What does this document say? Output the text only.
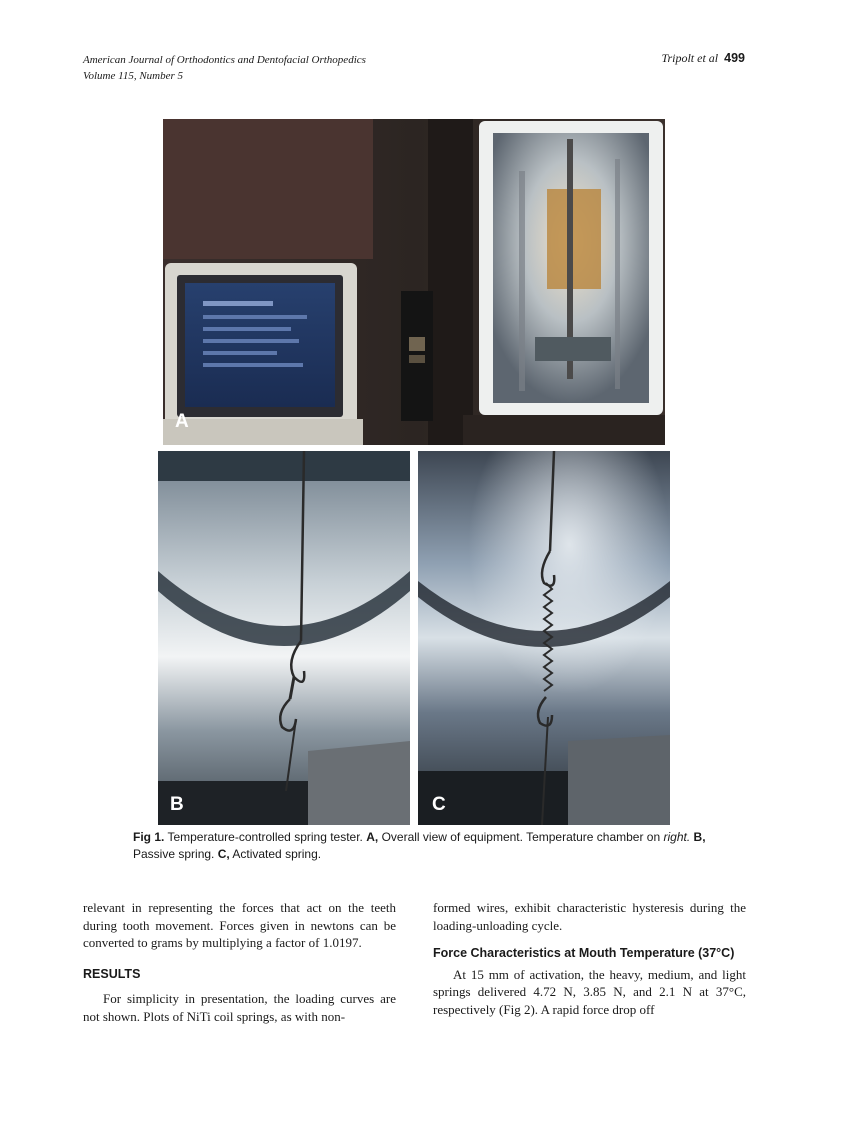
American Journal of Orthodontics and Dentofacial Orthopedics
Volume 115, Number 5
Tripolt et al 499
A
B	C
Fig 1. Temperature-controlled spring tester. A, Overall view of equipment. Temperature chamber on right. B, Passive spring. C, Activated spring.

relevant in representing the forces that act on the teeth during tooth movement. Forces given in newtons can be converted to grams by multiplying a factor of 1.0197.

RESULTS

For simplicity in presentation, the loading curves are not shown. Plots of NiTi coil springs, as with non-

formed wires, exhibit characteristic hysteresis during the loading-unloading cycle.

Force Characteristics at Mouth Temperature (37°C)

At 15 mm of activation, the heavy, medium, and light springs delivered 4.72 N, 3.85 N, and 2.1 N at 37°C, respectively (Fig 2). A rapid force drop off
